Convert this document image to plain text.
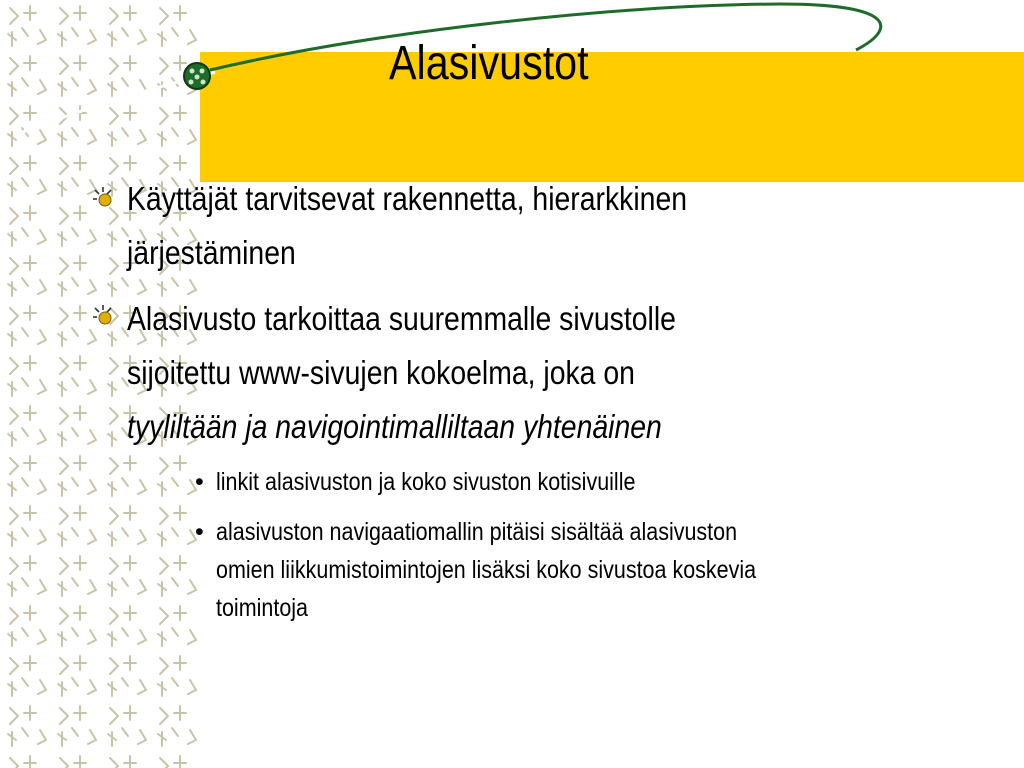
Alasivustot
Käyttäjät tarvitsevat rakennetta, hierarkkinen
järjestäminen
Alasivusto tarkoittaa suuremmalle sivustolle
sijoitettu www-sivujen kokoelma, joka on
tyyliltään ja navigointimalliltaan yhtenäinen
• linkit alasivuston ja koko sivuston kotisivuille
• alasivuston navigaatiomallin pitäisi sisältää alasivuston
omien liikkumistoimintojen lisäksi koko sivustoa koskevia
toimintoja
